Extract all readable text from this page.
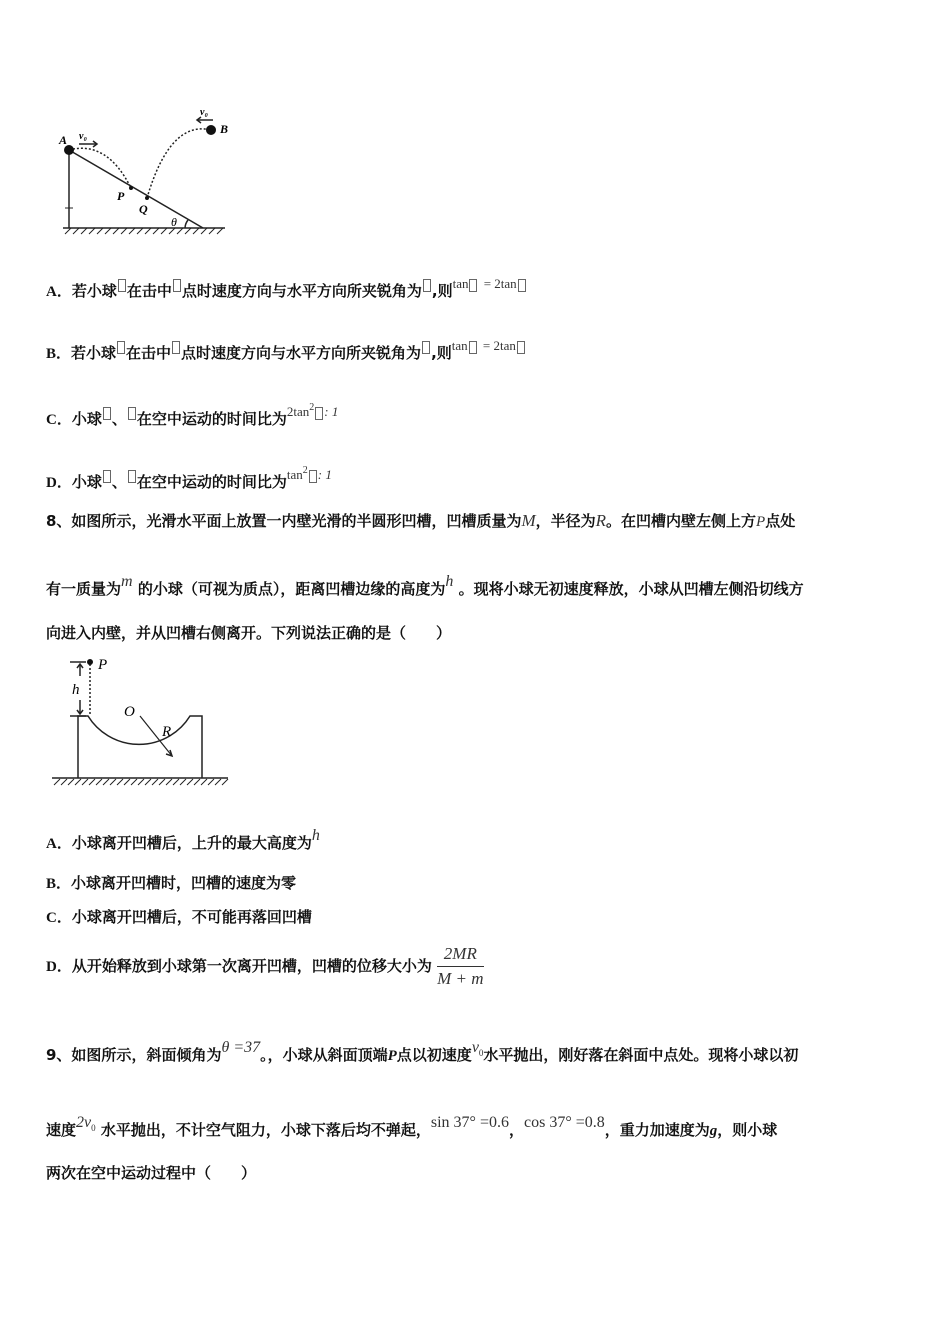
A
B
P
Q
θ
v₀
v₀
A．若小球 在击中 点时速度方向与水平方向所夹锐角为 ,则tan = 2tan
B．若小球 在击中 点时速度方向与水平方向所夹锐角为 ,则tan = 2tan
C．小球 、 在空中运动的时间比为$2\tan^2$ : 1
D．小球 、 在空中运动的时间比为$\tan^2$ : 1
8、如图所示，光滑水平面上放置一内壁光滑的半圆形凹槽，凹槽质量为M，半径为R。在凹槽内壁左侧上方P点处
有一质量为m 的小球（可视为质点），距离凹槽边缘的高度为h 。现将小球无初速度释放，小球从凹槽左侧沿切线方
向进入内壁，并从凹槽右侧离开。下列说法正确的是（　　）
P
h
O
R
A．小球离开凹槽后，上升的最大高度为h
B．小球离开凹槽时，凹槽的速度为零
C．小球离开凹槽后，不可能再落回凹槽
D．从开始释放到小球第一次离开凹槽，凹槽的位移大小为 $\frac{2MR}{M + m}$
9、如图所示，斜面倾角为θ =37。，小球从斜面顶端P点以初速度$v^0$水平抛出，刚好落在斜面中点处。现将小球以初
速度$2v^0$ 水平抛出，不计空气阻力，小球下落后均不弹起，sin 37° =0.6，cos 37° =0.8，重力加速度为g，则小球
两次在空中运动过程中（　　）
